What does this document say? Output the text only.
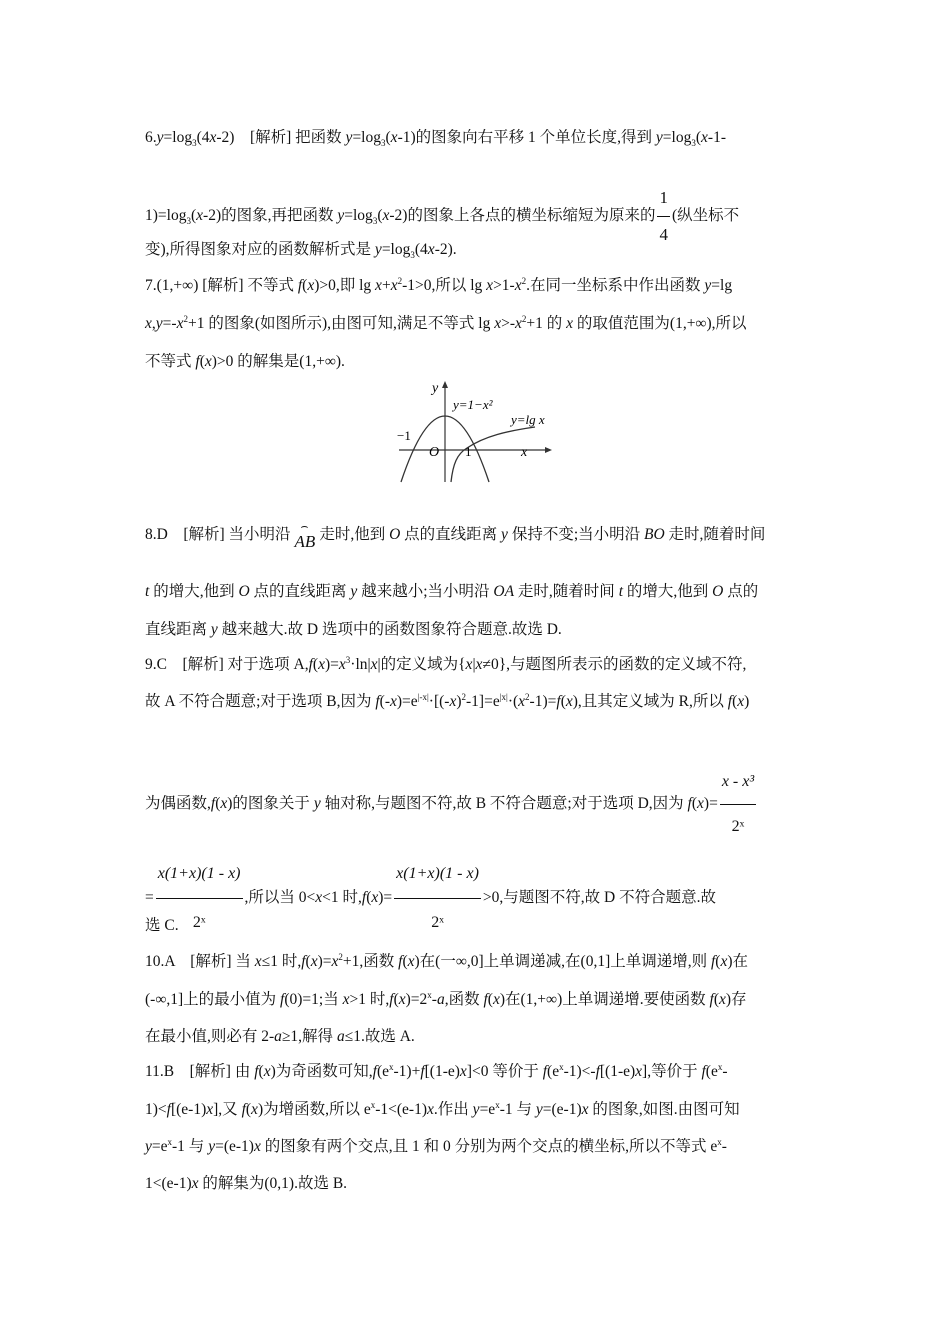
$6.y=\log_3(4x-2)$　[解析] 把函数 $y=\log_3(x-1)$的图象向右平移 1 个单位长度,得到 $y=\log_3(x-1-$
$1)=\log_3(x-2)$的图象,再把函数 $y=\log_3(x-2)$的图象上各点的横坐标缩短为原来的 $\frac{1}{4}$ (纵坐标不
变),所得图象对应的函数解析式是 $y=\log_3(4x-2)$.
7.(1,+∞) [解析] 不等式 f(x)>0,即 $\lg x+x^2-1>0$,所以 $\lg x>1-x^2$.在同一坐标系中作出函数 y=lg
$x,y=-x^2+1$ 的图象(如图所示),由图可知,满足不等式 $\lg x>-x^2+1$ 的 x 的取值范围为(1,+∞),所以
不等式 f(x)>0 的解集是(1,+∞).
y
x
O
−1
1
y=1−x²
y=lg x
8.D　[解析] 当小明沿 ⌢
AB 走时,他到 O 点的直线距离 y 保持不变;当小明沿 BO 走时,随着时间
t 的增大,他到 O 点的直线距离 y 越来越小;当小明沿 OA 走时,随着时间 t 的增大,他到 O 点的
直线距离 y 越来越大.故 D 选项中的函数图象符合题意.故选 D.
9.C　[解析] 对于选项 $A,f(x)=x^3\cdot\ln|x|$的定义域为{x|x≠0},与题图所表示的函数的定义域不符,
故 A 不符合题意;对于选项 B,因为 $f(-x)=e^{|-x|}\cdot[(-x)^2-1]=e^{|x|}\cdot(x^2-1)=f(x)$,且其定义域为 R,所以 f(x)
为偶函数,f(x)的图象关于 y 轴对称,与题图不符,故 B 不符合题意;对于选项 D,因为 $f(x)= \frac{\text{x - x³}}{\text{2ˣ}}$
= $\frac{x(1+x)(1 - x)}{\text{2ˣ}}$ ,所以当 0<x<1 时$,f(x)= \frac{x(1+x)(1 - x)}{\text{2ˣ}} >0$,与题图不符,故 D 不符合题意.故
选 C.
10.A　[解析] 当 x≤1 时$,f(x)=x^2+1$,函数 f(x)在(一∞,0]上单调递减,在(0,1]上单调递增,则 f(x)在
(-∞,1]上的最小值为 f(0)=1;当 x>1 时$,f(x)=2^x-a$,函数 f(x)在(1,+∞)上单调递增.要使函数 f(x)存
在最小值,则必有 2-a≥1,解得 a≤1.故选 A.
11.B　[解析] 由 f(x)为奇函数可知$,f(e^x-1)+f[(1-e)x]<0$ 等价于 $f(e^x-1)<-f[(1-e)x]$,等价于 $f(e^x-$
1)<f[(e-1)x],又 f(x)为增函数,所以 $e^x-1<(e-1)x$.作出 $y=e^x-1$ 与 y=(e-1)x 的图象,如图.由图可知
$y=e^x-1$ 与 y=(e-1)x 的图象有两个交点,且 1 和 0 分别为两个交点的横坐标,所以不等式 $e^x-$
1<(e-1)x 的解集为(0,1).故选 B.
